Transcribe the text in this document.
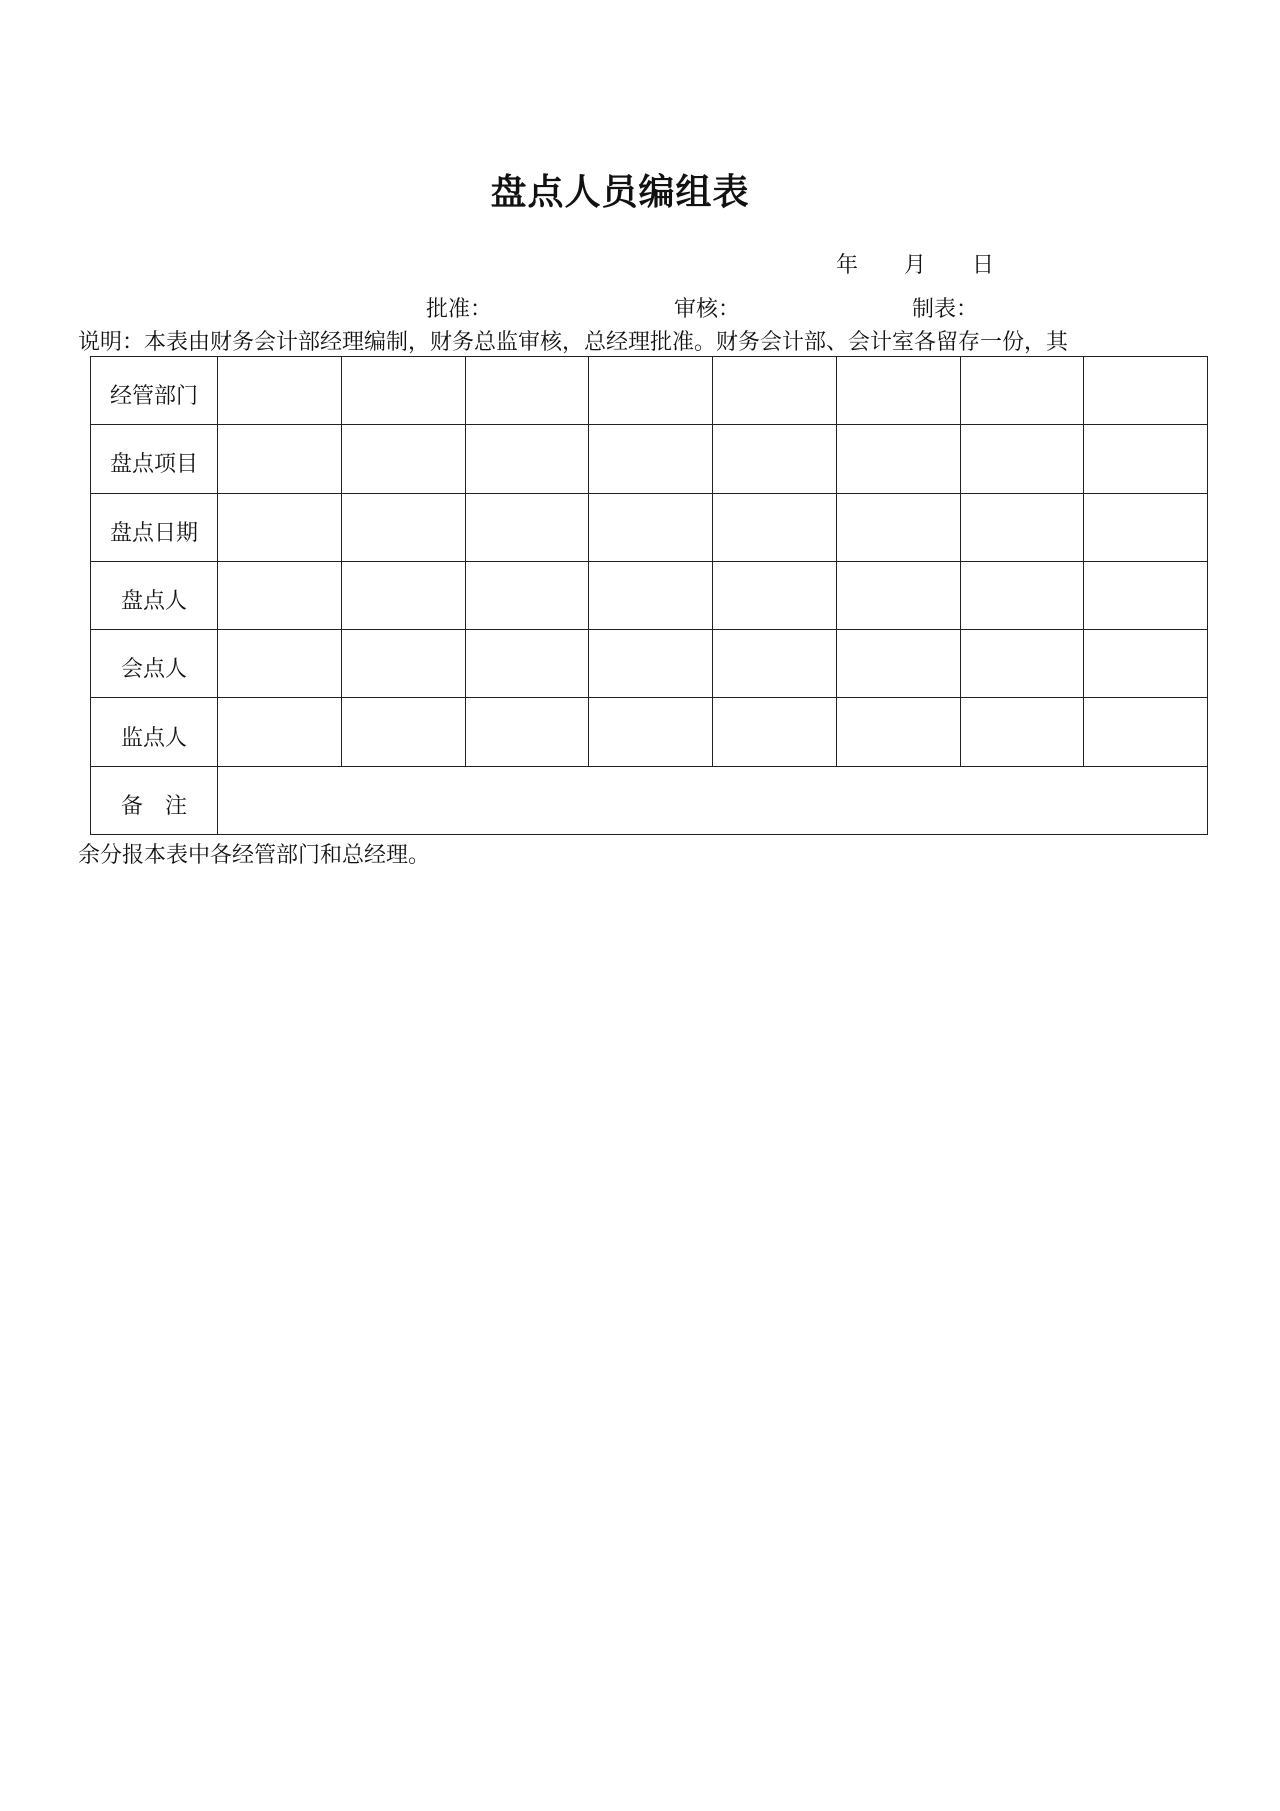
盘点人员编组表
年 月 日
批准：	审核：	制表：
说明：本表由财务会计部经理编制，财务总监审核，总经理批准。财务会计部、会计室各留存一份，其
经管部门								
盘点项目								
盘点日期								
盘点人								
会点人								
监点人								
备　注								
余分报本表中各经管部门和总经理。
